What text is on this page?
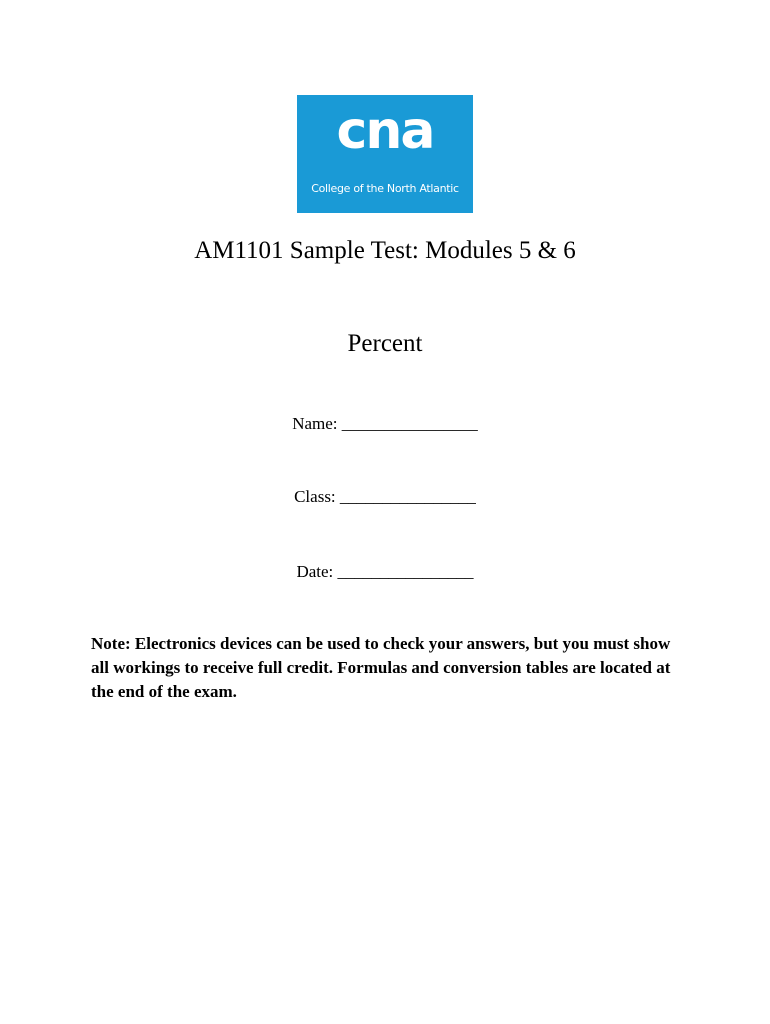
cna
College of the North Atlantic
AM1101 Sample Test: Modules 5 & 6
Percent
Name: ________________
Class: ________________
Date: ________________
Note: Electronics devices can be used to check your answers, but you must show all workings to receive full credit. Formulas and conversion tables are located at the end of the exam.
